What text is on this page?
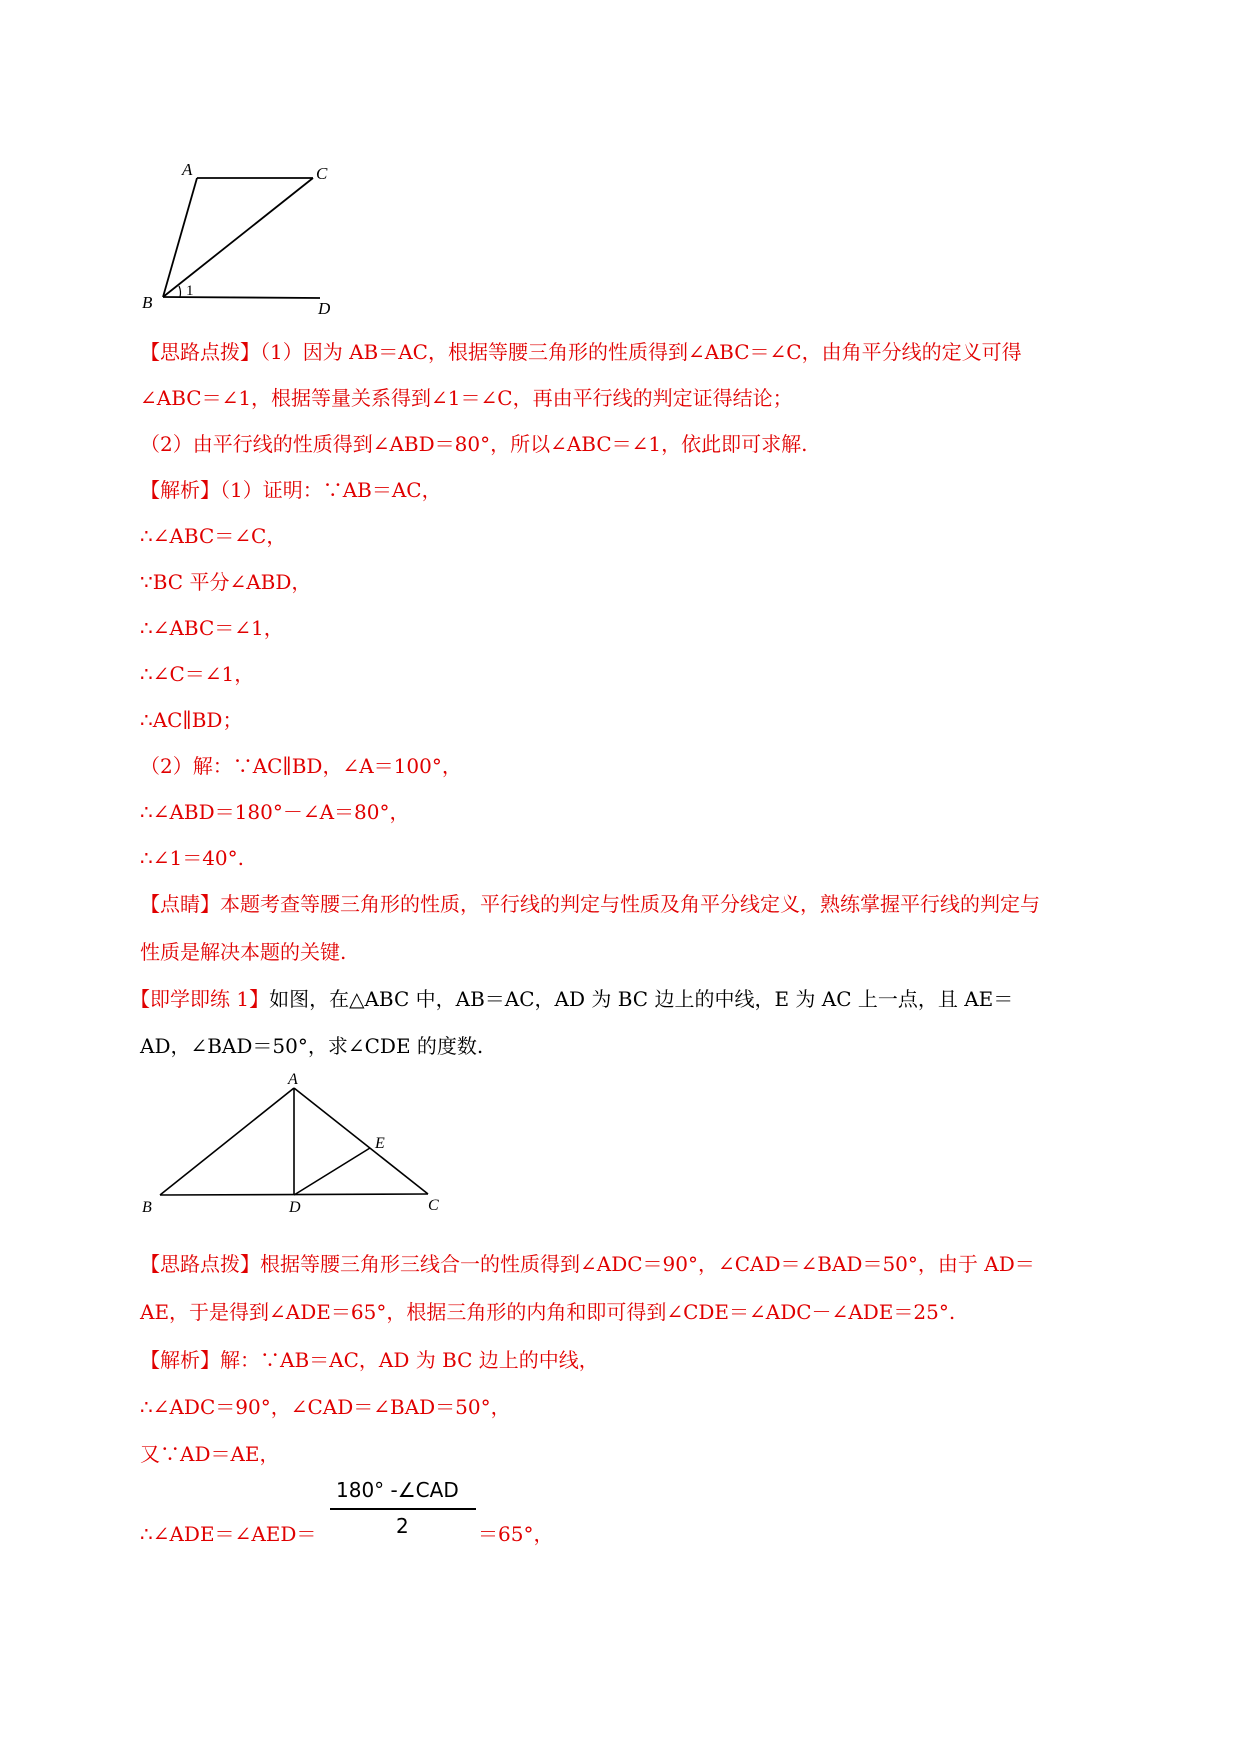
A	C
B	D
1
【思路点拨】（1）因为 AB＝AC，根据等腰三角形的性质得到∠ABC＝∠C，由角平分线的定义可得
∠ABC＝∠1，根据等量关系得到∠1＝∠C，再由平行线的判定证得结论；
（2）由平行线的性质得到∠ABD＝80°，所以∠ABC＝∠1，依此即可求解.
【解析】（1）证明：∵AB＝AC，
∴∠ABC＝∠C，
∵BC 平分∠ABD，
∴∠ABC＝∠1，
∴∠C＝∠1，
∴AC∥BD；
（2）解：∵AC∥BD，∠A＝100°，
∴∠ABD＝180°－∠A＝80°，
∴∠1＝40°.
【点睛】本题考查等腰三角形的性质，平行线的判定与性质及角平分线定义，熟练掌握平行线的判定与
性质是解决本题的关键.
【即学即练 1】如图，在△ABC 中，AB＝AC，AD 为 BC 边上的中线，E 为 AC 上一点，且 AE＝
AD，∠BAD＝50°，求∠CDE 的度数.
A
B	D	C
E
【思路点拨】根据等腰三角形三线合一的性质得到∠ADC＝90°，∠CAD＝∠BAD＝50°，由于 AD＝
AE，于是得到∠ADE＝65°，根据三角形的内角和即可得到∠CDE＝∠ADC－∠ADE＝25°.
【解析】解：∵AB＝AC，AD 为 BC 边上的中线，
∴∠ADC＝90°，∠CAD＝∠BAD＝50°，
又∵AD＝AE，
∴∠ADE＝∠AED＝
180° -∠CAD
2	＝65°，
